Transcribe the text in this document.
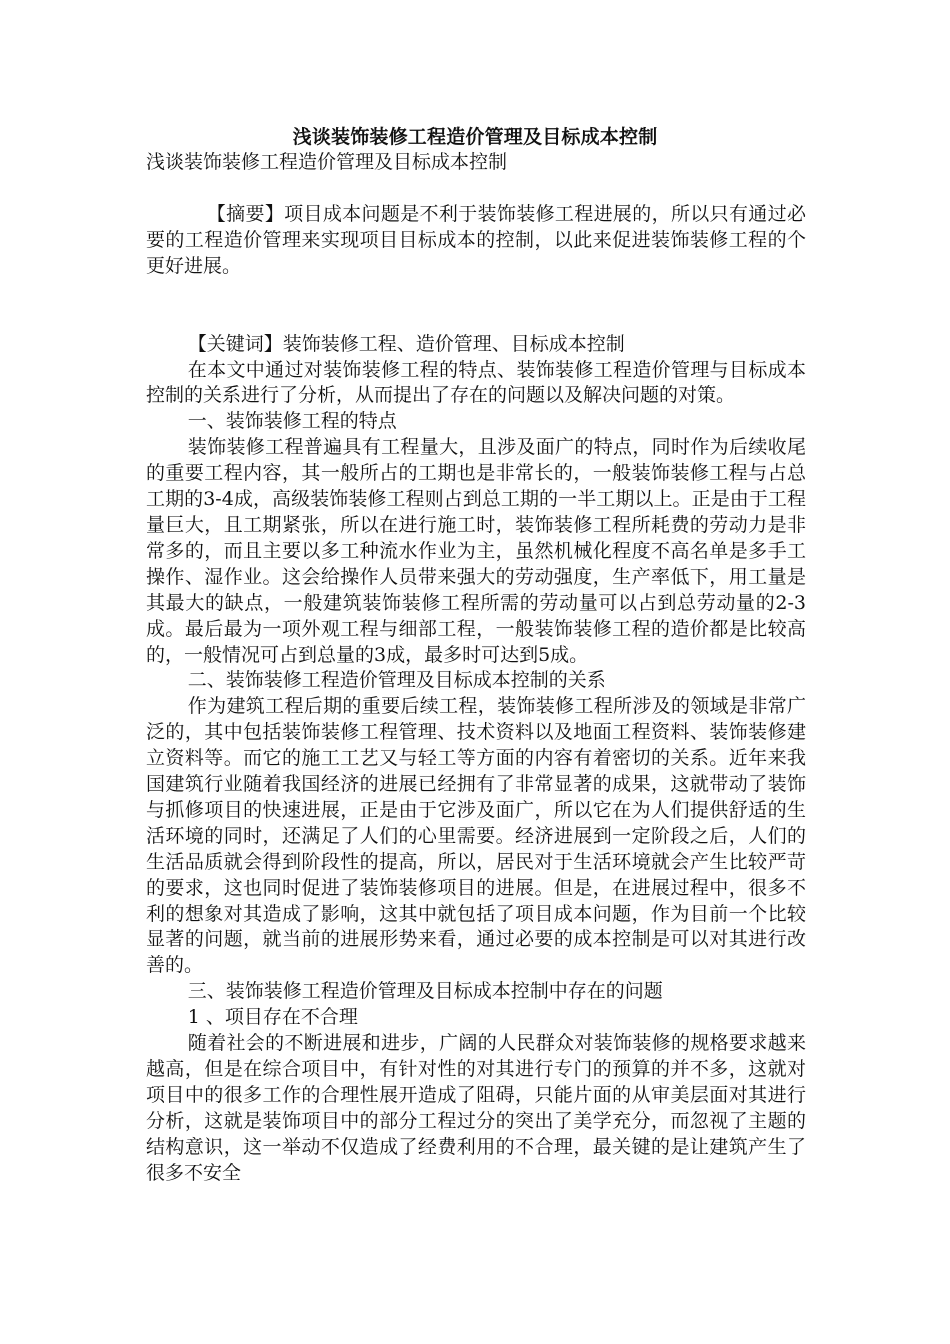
浅谈装饰装修工程造价管理及目标成本控制

浅谈装饰装修工程造价管理及目标成本控制

【摘要】项目成本问题是不利于装饰装修工程进展的，所以只有通过必要的工程造价管理来实现项目目标成本的控制，以此来促进装饰装修工程的个更好进展。

【关键词】装饰装修工程、造价管理、目标成本控制

在本文中通过对装饰装修工程的特点、装饰装修工程造价管理与目标成本控制的关系进行了分析，从而提出了存在的问题以及解决问题的对策。

一、装饰装修工程的特点

装饰装修工程普遍具有工程量大，且涉及面广的特点，同时作为后续收尾的重要工程内容，其一般所占的工期也是非常长的，一般装饰装修工程与占总工期的3-4成，高级装饰装修工程则占到总工期的一半工期以上。正是由于工程量巨大，且工期紧张，所以在进行施工时，装饰装修工程所耗费的劳动力是非常多的，而且主要以多工种流水作业为主，虽然机械化程度不高名单是多手工操作、湿作业。这会给操作人员带来强大的劳动强度，生产率低下，用工量是其最大的缺点，一般建筑装饰装修工程所需的劳动量可以占到总劳动量的2-3成。最后最为一项外观工程与细部工程，一般装饰装修工程的造价都是比较高的，一般情况可占到总量的3成，最多时可达到5成。

二、装饰装修工程造价管理及目标成本控制的关系

作为建筑工程后期的重要后续工程，装饰装修工程所涉及的领域是非常广泛的，其中包括装饰装修工程管理、技术资料以及地面工程资料、装饰装修建立资料等。而它的施工工艺又与轻工等方面的内容有着密切的关系。近年来我国建筑行业随着我国经济的进展已经拥有了非常显著的成果，这就带动了装饰与抓修项目的快速进展，正是由于它涉及面广，所以它在为人们提供舒适的生活环境的同时，还满足了人们的心里需要。经济进展到一定阶段之后，人们的生活品质就会得到阶段性的提高，所以，居民对于生活环境就会产生比较严苛的要求，这也同时促进了装饰装修项目的进展。但是，在进展过程中，很多不利的想象对其造成了影响，这其中就包括了项目成本问题，作为目前一个比较显著的问题，就当前的进展形势来看，通过必要的成本控制是可以对其进行改善的。

三、装饰装修工程造价管理及目标成本控制中存在的问题

1 、项目存在不合理

随着社会的不断进展和进步，广阔的人民群众对装饰装修的规格要求越来越高，但是在综合项目中，有针对性的对其进行专门的预算的并不多，这就对项目中的很多工作的合理性展开造成了阻碍，只能片面的从审美层面对其进行分析，这就是装饰项目中的部分工程过分的突出了美学充分，而忽视了主题的结构意识，这一举动不仅造成了经费利用的不合理，最关键的是让建筑产生了很多不安全
